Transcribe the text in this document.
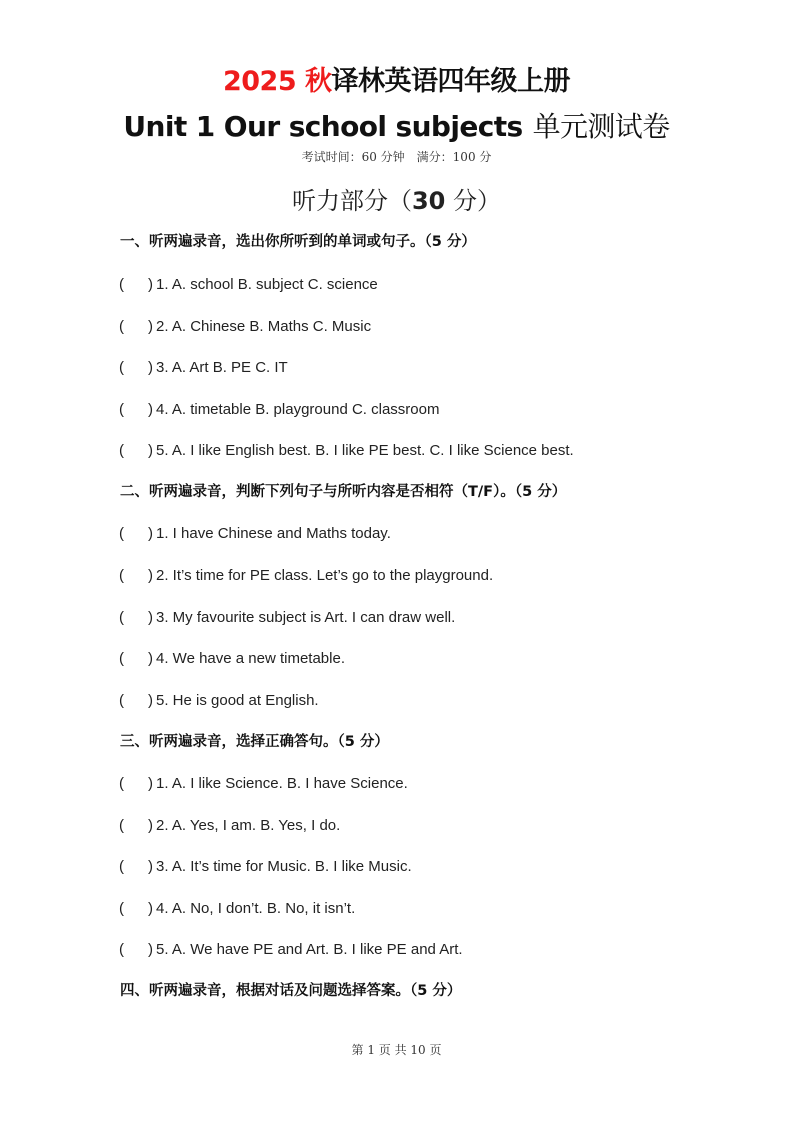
2025 秋译林英语四年级上册
Unit 1 Our school subjects 单元测试卷
考试时间：60 分钟 满分：100 分
听力部分（30 分）
一、听两遍录音，选出你所听到的单词或句子。（5 分）
( ) 1. A. school B. subject C. science
( ) 2. A. Chinese B. Maths C. Music
( ) 3. A. Art B. PE C. IT
( ) 4. A. timetable B. playground C. classroom
( ) 5. A. I like English best. B. I like PE best. C. I like Science best.
二、听两遍录音，判断下列句子与所听内容是否相符（T/F）。（5 分）
( ) 1. I have Chinese and Maths today.
( ) 2. It’s time for PE class. Let’s go to the playground.
( ) 3. My favourite subject is Art. I can draw well.
( ) 4. We have a new timetable.
( ) 5. He is good at English.
三、听两遍录音，选择正确答句。（5 分）
( ) 1. A. I like Science. B. I have Science.
( ) 2. A. Yes, I am. B. Yes, I do.
( ) 3. A. It’s time for Music. B. I like Music.
( ) 4. A. No, I don’t. B. No, it isn’t.
( ) 5. A. We have PE and Art. B. I like PE and Art.
四、听两遍录音，根据对话及问题选择答案。（5 分）
第 1 页 共 10 页
